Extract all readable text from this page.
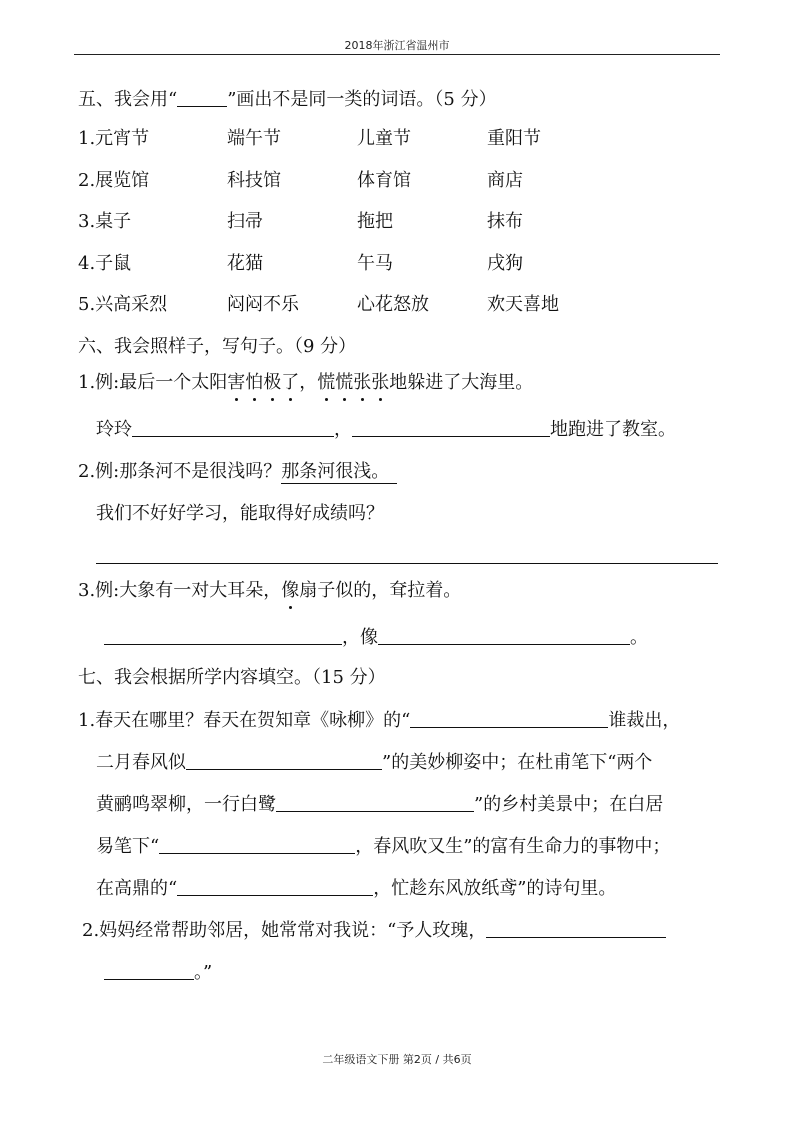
2018年浙江省温州市
五、我会用“	”画出不是同一类的词语。（5 分）
1.元宵节	端午节	儿童节	重阳节
2.展览馆	科技馆	体育馆	商店
3.桌子	扫帚	拖把	抹布
4.子鼠	花猫	午马	戌狗
5.兴高采烈	闷闷不乐	心花怒放	欢天喜地
六、我会照样子，写句子。（9 分）
1.例:最后一个太阳害怕极了，慌慌张张地躲进了大海里。
玲玲	，	地跑进了教室。
2.例:那条河不是很浅吗？那条河很浅。
我们不好好学习，能取得好成绩吗？
3.例:大象有一对大耳朵，像扇子似的，耷拉着。
，像	。
七、我会根据所学内容填空。（15 分）
1.春天在哪里？春天在贺知章《咏柳》的“	谁裁出，
二月春风似	”的美妙柳姿中；在杜甫笔下“两个
黄鹂鸣翠柳，一行白鹭	”的乡村美景中；在白居
易笔下“	，春风吹又生”的富有生命力的事物中；
在高鼎的“	，忙趁东风放纸鸢”的诗句里。
2.妈妈经常帮助邻居，她常常对我说：“予人玫瑰，
。”
二年级语文下册 第2页 / 共6页
